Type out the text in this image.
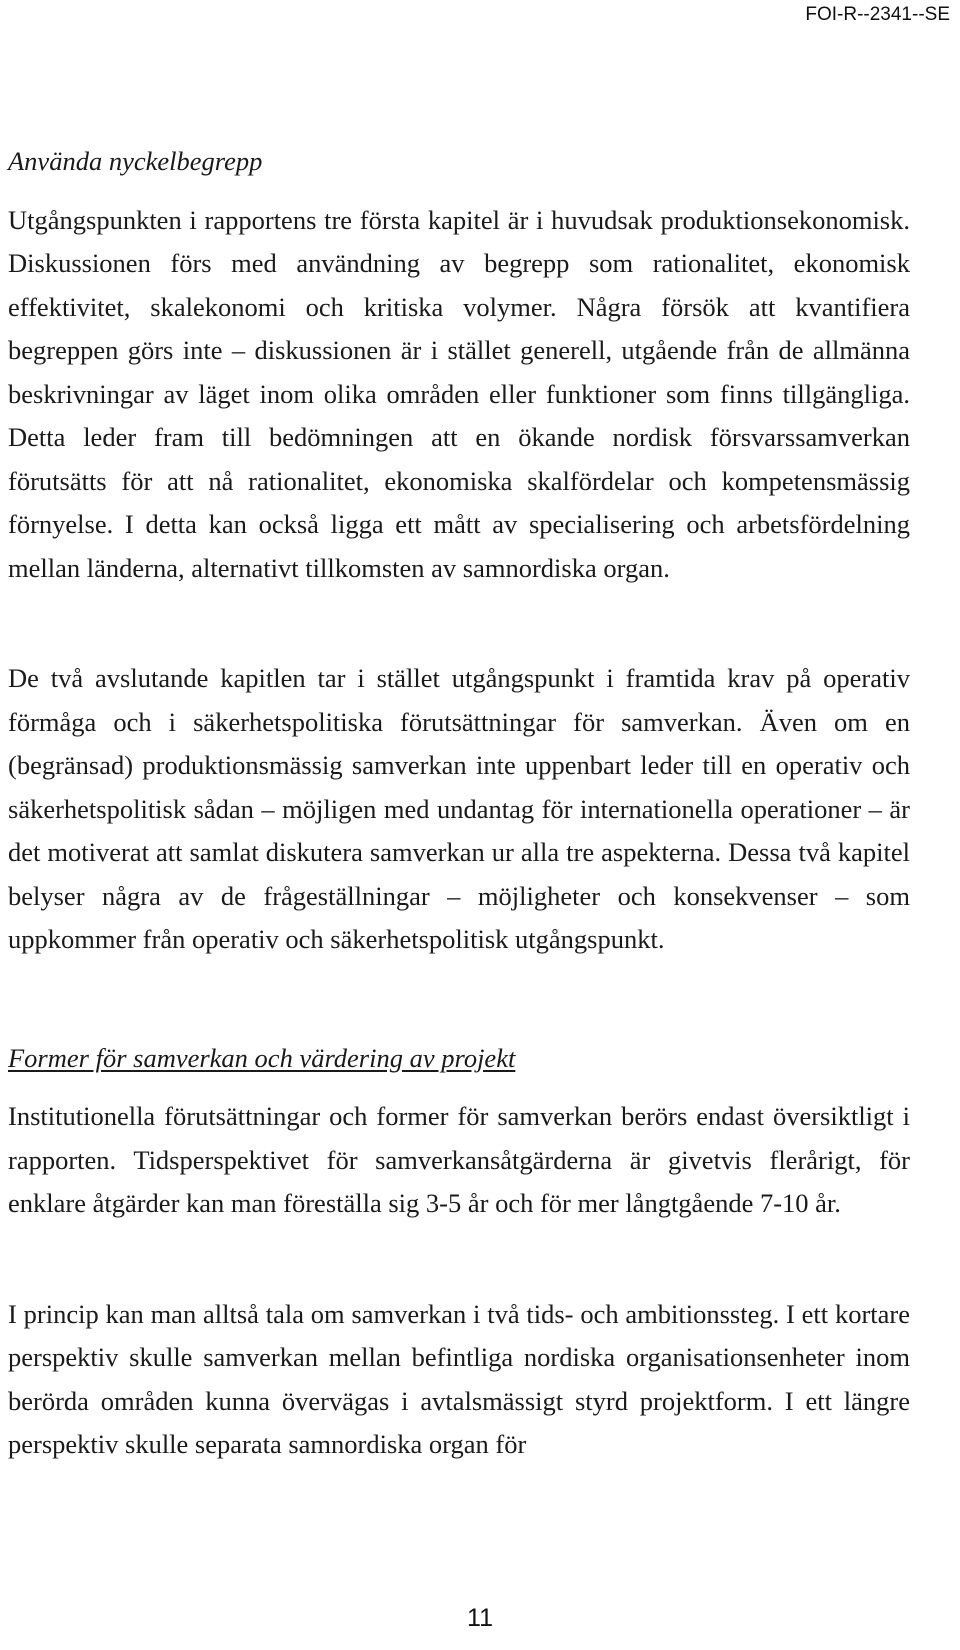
FOI-R--2341--SE

Använda nyckelbegrepp

Utgångspunkten i rapportens tre första kapitel är i huvudsak produktionsekonomisk. Diskussionen förs med användning av begrepp som rationalitet, ekonomisk effektivitet, skalekonomi och kritiska volymer. Några försök att kvantifiera begreppen görs inte – diskussionen är i stället generell, utgående från de allmänna beskrivningar av läget inom olika områden eller funktioner som finns tillgängliga. Detta leder fram till bedömningen att en ökande nordisk försvarssamverkan förutsätts för att nå rationalitet, ekonomiska skalfördelar och kompetensmässig förnyelse. I detta kan också ligga ett mått av specialisering och arbetsfördelning mellan länderna, alternativt tillkomsten av samnordiska organ.

De två avslutande kapitlen tar i stället utgångspunkt i framtida krav på operativ förmåga och i säkerhetspolitiska förutsättningar för samverkan. Även om en (begränsad) produktionsmässig samverkan inte uppenbart leder till en operativ och säkerhetspolitisk sådan – möjligen med undantag för internationella operationer – är det motiverat att samlat diskutera samverkan ur alla tre aspekterna. Dessa två kapitel belyser några av de frågeställningar – möjligheter och konsekvenser – som uppkommer från operativ och säkerhetspolitisk utgångspunkt.

Former för samverkan och värdering av projekt

Institutionella förutsättningar och former för samverkan berörs endast översiktligt i rapporten. Tidsperspektivet för samverkansåtgärderna är givetvis flerårigt, för enklare åtgärder kan man föreställa sig 3-5 år och för mer långtgående 7-10 år.

I princip kan man alltså tala om samverkan i två tids- och ambitionssteg. I ett kortare perspektiv skulle samverkan mellan befintliga nordiska organisationsenheter inom berörda områden kunna övervägas i avtalsmässigt styrd projektform. I ett längre perspektiv skulle separata samnordiska organ för

11
